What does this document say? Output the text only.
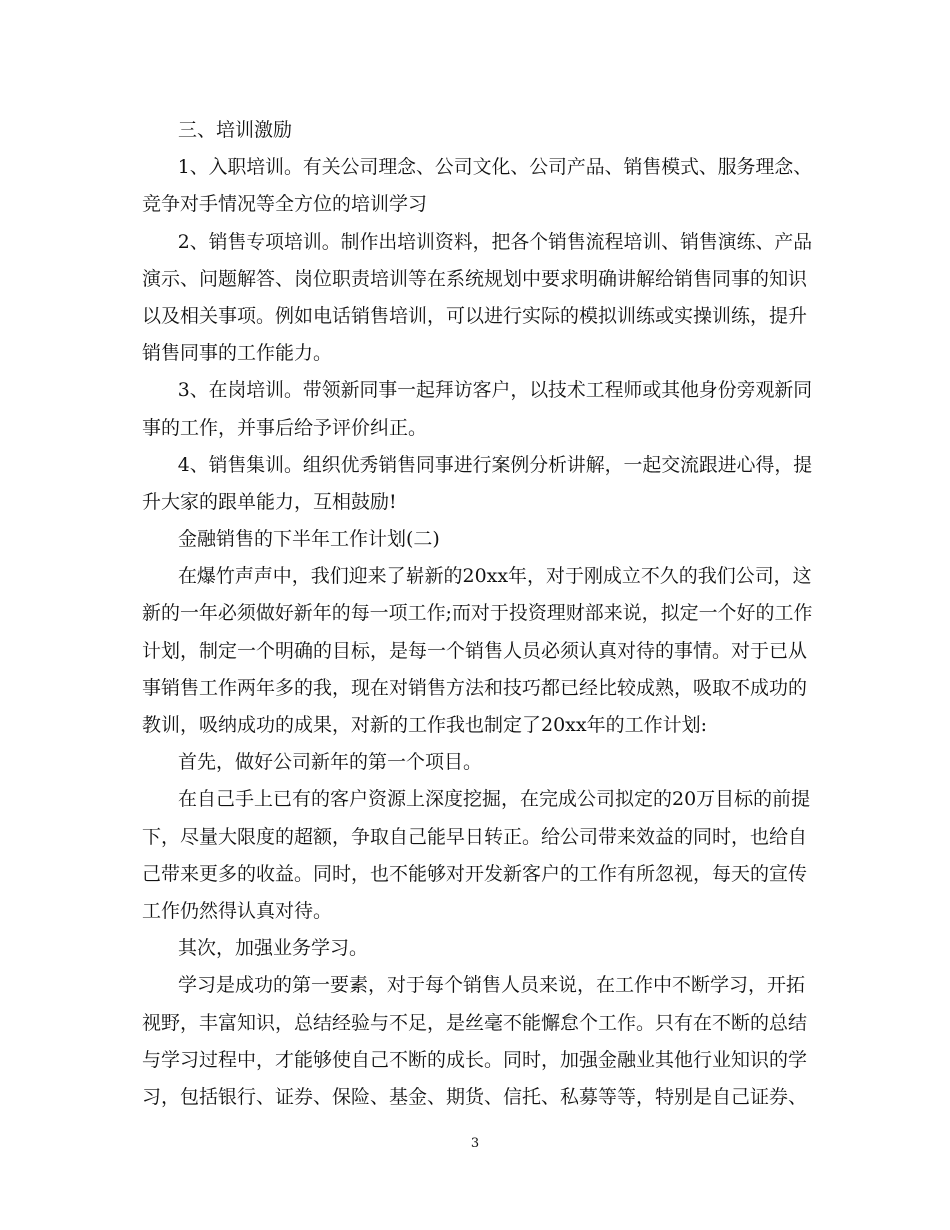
三、培训激励
1、入职培训。有关公司理念、公司文化、公司产品、销售模式、服务理念、
竞争对手情况等全方位的培训学习
2、销售专项培训。制作出培训资料，把各个销售流程培训、销售演练、产品
演示、问题解答、岗位职责培训等在系统规划中要求明确讲解给销售同事的知识
以及相关事项。例如电话销售培训，可以进行实际的模拟训练或实操训练，提升
销售同事的工作能力。
3、在岗培训。带领新同事一起拜访客户，以技术工程师或其他身份旁观新同
事的工作，并事后给予评价纠正。
4、销售集训。组织优秀销售同事进行案例分析讲解，一起交流跟进心得，提
升大家的跟单能力，互相鼓励!
金融销售的下半年工作计划(二)
在爆竹声声中，我们迎来了崭新的20xx年，对于刚成立不久的我们公司，这
新的一年必须做好新年的每一项工作;而对于投资理财部来说，拟定一个好的工作
计划，制定一个明确的目标，是每一个销售人员必须认真对待的事情。对于已从
事销售工作两年多的我，现在对销售方法和技巧都已经比较成熟，吸取不成功的
教训，吸纳成功的成果，对新的工作我也制定了20xx年的工作计划:
首先，做好公司新年的第一个项目。
在自己手上已有的客户资源上深度挖掘，在完成公司拟定的20万目标的前提
下，尽量大限度的超额，争取自己能早日转正。给公司带来效益的同时，也给自
己带来更多的收益。同时，也不能够对开发新客户的工作有所忽视，每天的宣传
工作仍然得认真对待。
其次，加强业务学习。
学习是成功的第一要素，对于每个销售人员来说，在工作中不断学习，开拓
视野，丰富知识，总结经验与不足，是丝毫不能懈怠个工作。只有在不断的总结
与学习过程中，才能够使自己不断的成长。同时，加强金融业其他行业知识的学
习，包括银行、证券、保险、基金、期货、信托、私募等等，特别是自己证券、
3
